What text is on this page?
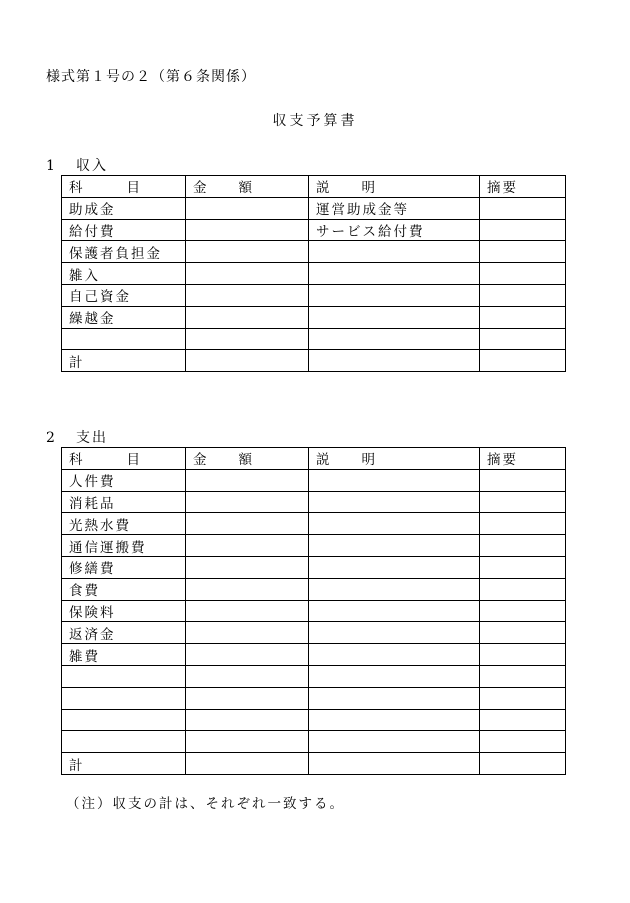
様式第１号の２（第６条関係）
収支予算書
1 収入
科 目	金 額	説 明	摘要
助成金		運営助成金等	
給付費		サービス給付費	
保護者負担金			
雑入			
自己資金			
繰越金			

計			
2 支出
科 目	金 額	説 明	摘要
人件費			
消耗品			
光熱水費			
通信運搬費			
修繕費			
食費			
保険料			
返済金			
雑費			

計			
（注）収支の計は、それぞれ一致する。
